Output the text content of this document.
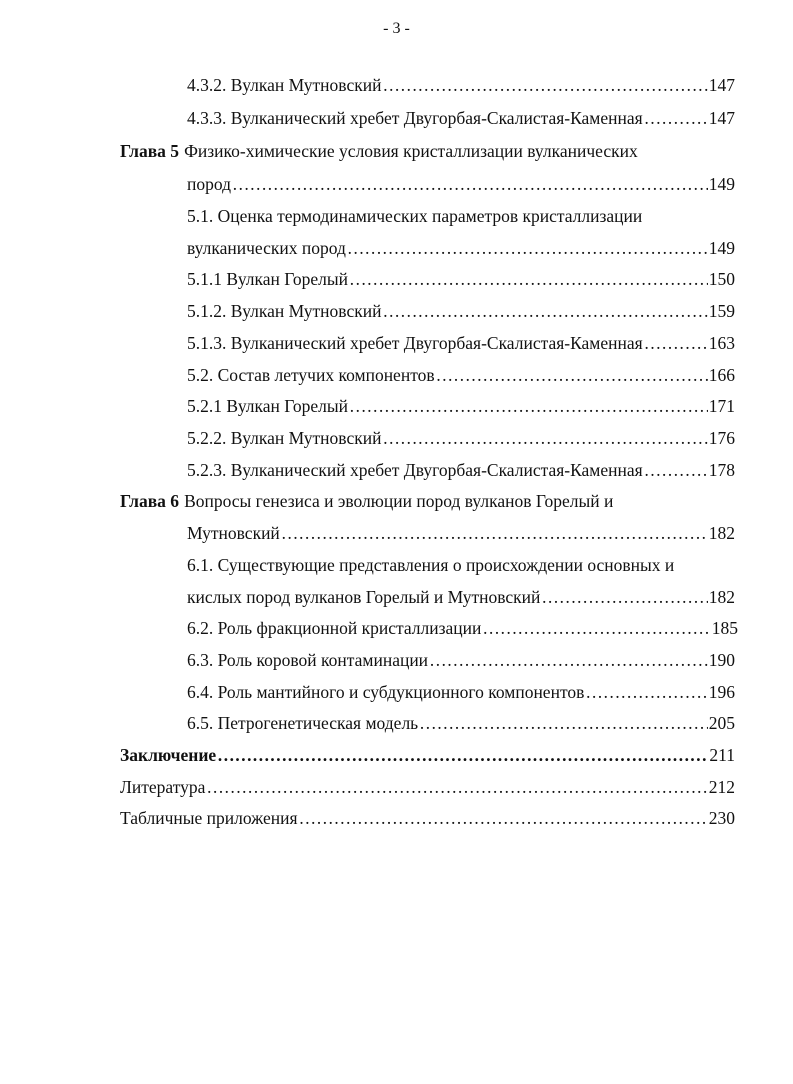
- 3 -
4.3.2. Вулкан Мутновский ……………………………………………………………………………………………………………………………………………………………………………………………………	147
4.3.3. Вулканический хребет Двугорбая-Скалистая-Каменная ……………………………………………………………………………………………………………………………………………………………………………………………………	147
Глава 5 Физико-химические условия кристаллизации вулканических
пород ……………………………………………………………………………………………………………………………………………………………………………………………………	149
5.1. Оценка термодинамических параметров кристаллизации
вулканических пород ……………………………………………………………………………………………………………………………………………………………………………………………………	149
5.1.1 Вулкан Горелый ……………………………………………………………………………………………………………………………………………………………………………………………………	150
5.1.2. Вулкан Мутновский ……………………………………………………………………………………………………………………………………………………………………………………………………	159
5.1.3. Вулканический хребет Двугорбая-Скалистая-Каменная ……………………………………………………………………………………………………………………………………………………………………………………………………	163
5.2. Состав летучих компонентов ……………………………………………………………………………………………………………………………………………………………………………………………………	166
5.2.1 Вулкан Горелый ……………………………………………………………………………………………………………………………………………………………………………………………………	171
5.2.2. Вулкан Мутновский ……………………………………………………………………………………………………………………………………………………………………………………………………	176
5.2.3. Вулканический хребет Двугорбая-Скалистая-Каменная ……………………………………………………………………………………………………………………………………………………………………………………………………	178
Глава 6 Вопросы генезиса и эволюции пород вулканов Горелый и
Мутновский ……………………………………………………………………………………………………………………………………………………………………………………………………	182
6.1. Существующие представления о происхождении основных и
кислых пород вулканов Горелый и Мутновский ……………………………………………………………………………………………………………………………………………………………………………………………………	182
6.2. Роль фракционной кристаллизации ……………………………………………………………………………………………………………………………………………………………………………………………………	185
6.3. Роль коровой контаминации ……………………………………………………………………………………………………………………………………………………………………………………………………	190
6.4. Роль мантийного и субдукционного компонентов ……………………………………………………………………………………………………………………………………………………………………………………………………	196
6.5. Петрогенетическая модель ……………………………………………………………………………………………………………………………………………………………………………………………………	205
Заключение ……………………………………………………………………………………………………………………………………………………………………………………………………	211
Литература ……………………………………………………………………………………………………………………………………………………………………………………………………	212
Табличные приложения ……………………………………………………………………………………………………………………………………………………………………………………………………	230
